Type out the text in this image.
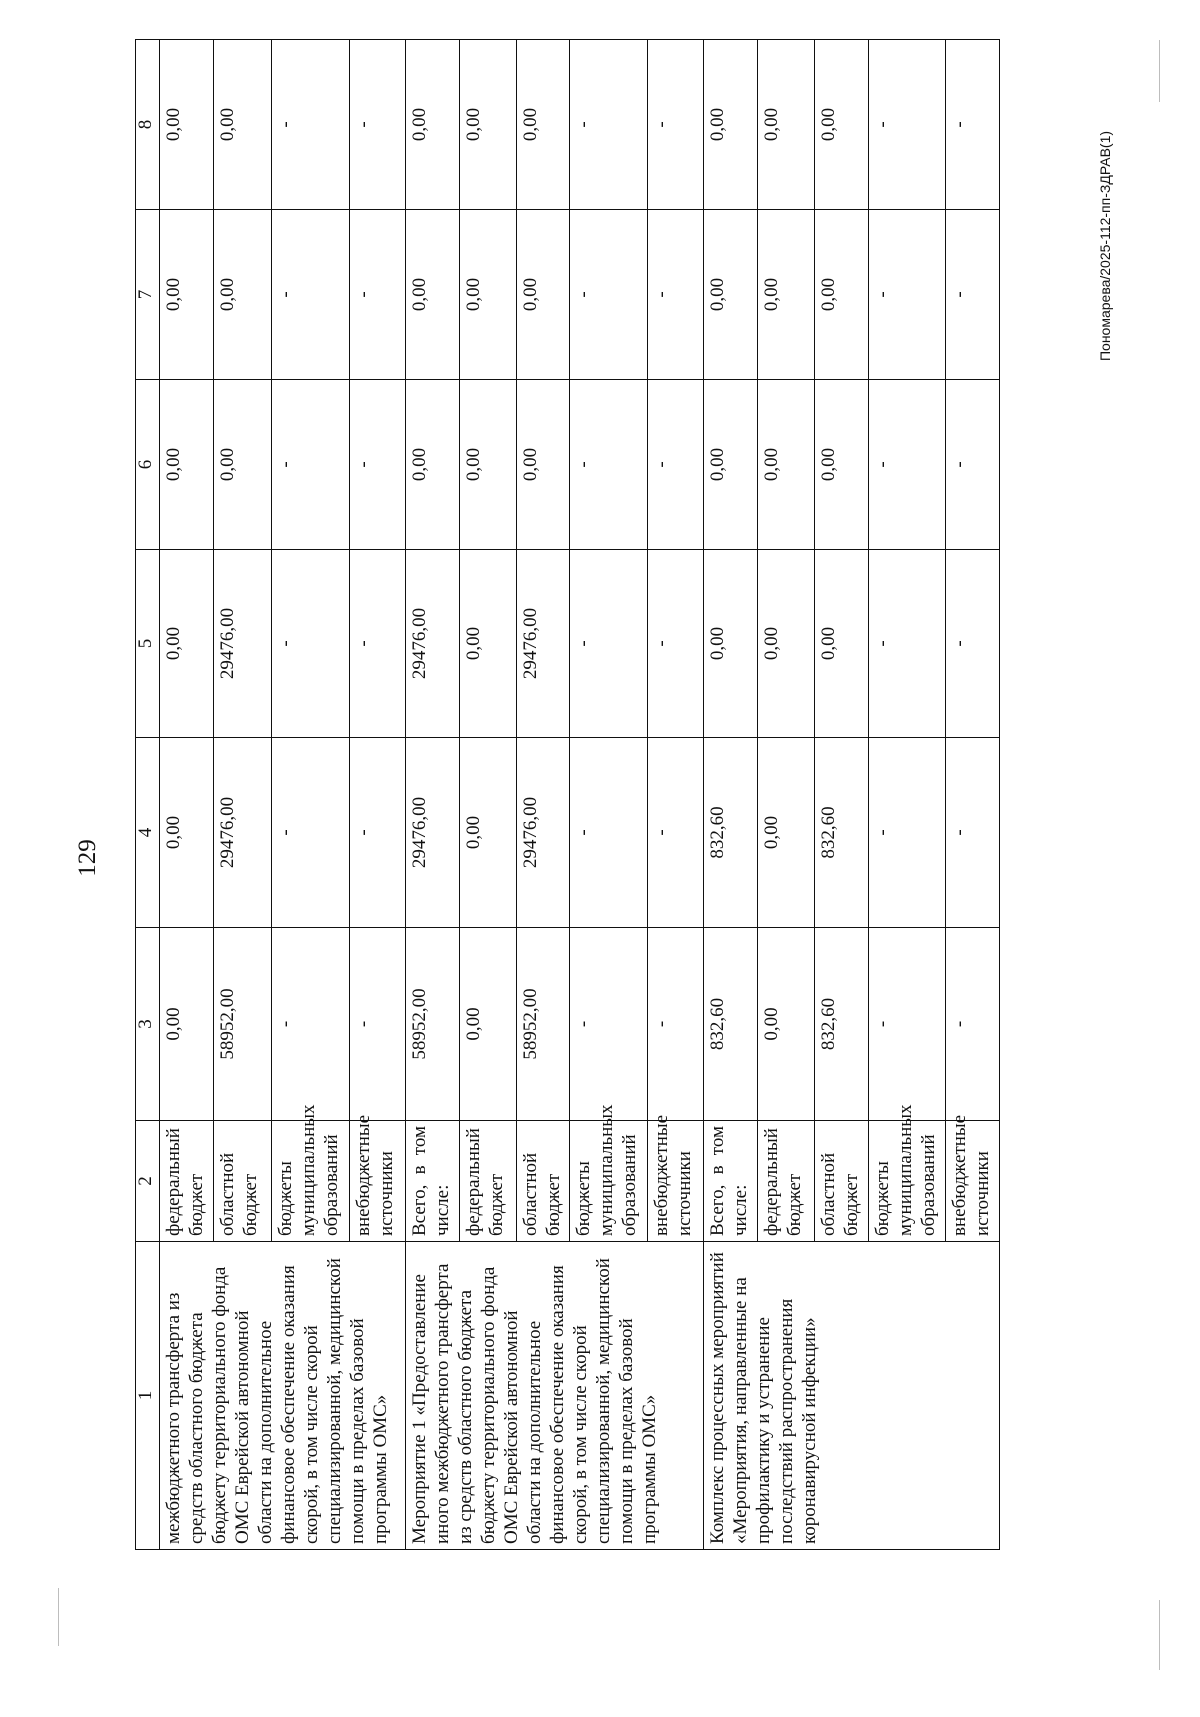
129
Пономарева/2025-112-пп-ЗДРАВ(1)
1	2	3	4	5	6	7	8
межбюджетного трансферта из средств областного бюджета бюджету территориального фонда ОМС Еврейской автономной области на дополнительное финансовое обеспечение оказания скорой, в том числе скорой специализированной, медицинской помощи в пределах базовой программы ОМС»	федеральный бюджет	0,00	0,00	0,00	0,00	0,00	0,00
	областной бюджет	58952,00	29476,00	29476,00	0,00	0,00	0,00
	бюджеты муниципальных образований	-	-	-	-	-	-
	внебюджетные источники	-	-	-	-	-	-
Мероприятие 1 «Предоставление иного межбюджетного трансферта из средств областного бюджета бюджету территориального фонда ОМС Еврейской автономной области на дополнительное финансовое обеспечение оказания скорой, в том числе скорой специализированной, медицинской помощи в пределах базовой программы ОМС»	Всего, в том числе:	58952,00	29476,00	29476,00	0,00	0,00	0,00
	федеральный бюджет	0,00	0,00	0,00	0,00	0,00	0,00
	областной бюджет	58952,00	29476,00	29476,00	0,00	0,00	0,00
	бюджеты муниципальных образований	-	-	-	-	-	-
	внебюджетные источники	-	-	-	-	-	-
Комплекс процессных мероприятий «Мероприятия, направленные на профилактику и устранение последствий распространения коронавирусной инфекции»	Всего, в том числе:	832,60	832,60	0,00	0,00	0,00	0,00
	федеральный бюджет	0,00	0,00	0,00	0,00	0,00	0,00
	областной бюджет	832,60	832,60	0,00	0,00	0,00	0,00
	бюджеты муниципальных образований	-	-	-	-	-	-
	внебюджетные источники	-	-	-	-	-	-
